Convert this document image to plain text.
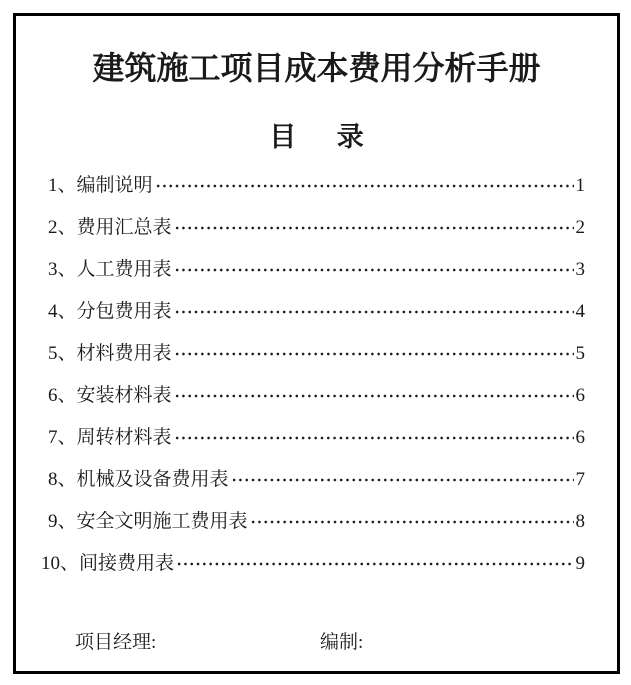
建筑施工项目成本费用分析手册
目      录
1、 编制说明	1
2、 费用汇总表	2
3、 人工费用表	3
4、 分包费用表	4
5、 材料费用表	5
6、 安装材料表	6
7、 周转材料表	6
8、 机械及设备费用表	7
9、 安全文明施工费用表	8
10、 间接费用表	9
项目经理:	编制:
